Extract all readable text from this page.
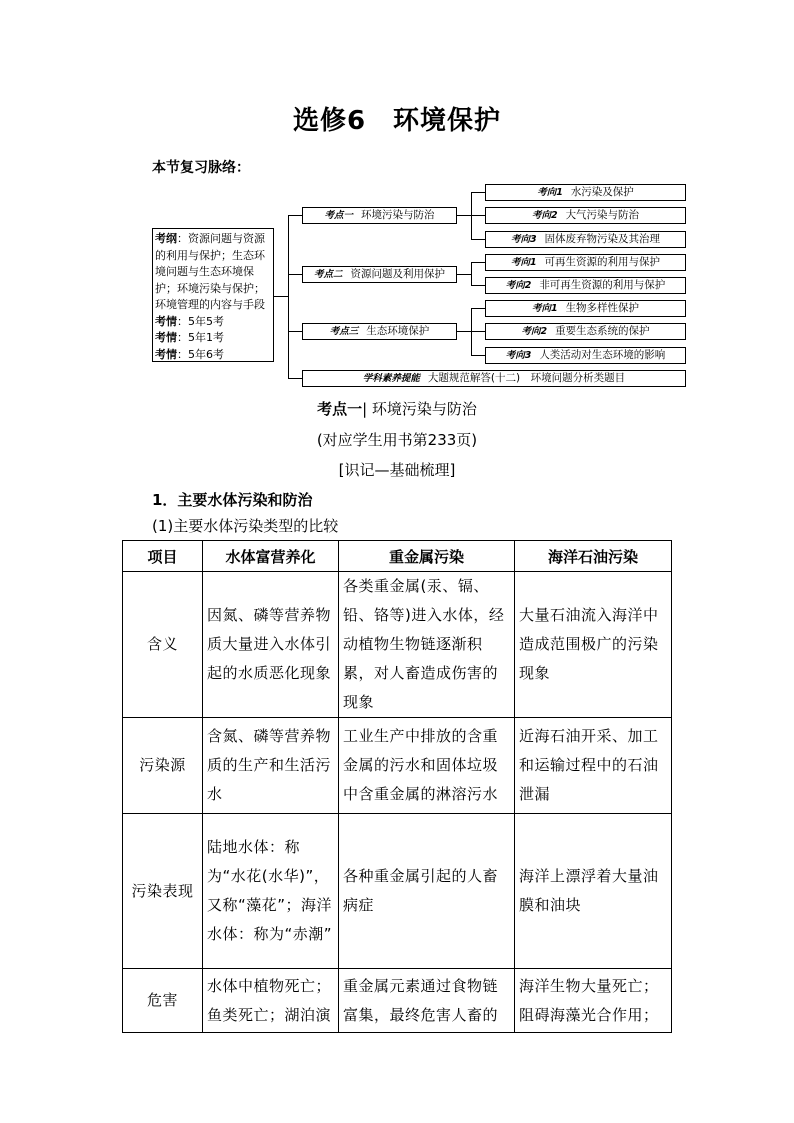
选修6　环境保护
本节复习脉络：
考纲：资源问题与资源的利用与保护；生态环境问题与生态环境保护；环境污染与保护；环境管理的内容与手段
考情：5年5考
考情：5年1考
考情：5年6考
考点一 环境污染与防治
考点二 资源问题及利用保护
考点三 生态环境保护
考向1 水污染及保护
考向2 大气污染与防治
考向3 固体废弃物污染及其治理
考向1 可再生资源的利用与保护
考向2 非可再生资源的利用与保护
考向1 生物多样性保护
考向2 重要生态系统的保护
考向3 人类活动对生态环境的影响
学科素养提能 大题规范解答(十二)　环境问题分析类题目
考点一| 环境污染与防治
(对应学生用书第233页)
[识记—基础梳理]
1．主要水体污染和防治
(1)主要水体污染类型的比较
项目	水体富营养化	重金属污染	海洋石油污染
含义	因氮、磷等营养物质大量进入水体引起的水质恶化现象	各类重金属(汞、镉、铅、铬等)进入水体，经动植物生物链逐渐积累，对人畜造成伤害的现象	大量石油流入海洋中造成范围极广的污染现象
污染源	含氮、磷等营养物质的生产和生活污水	工业生产中排放的含重金属的污水和固体垃圾中含重金属的淋溶污水	近海石油开采、加工和运输过程中的石油泄漏
污染表现	陆地水体：称为“水花(水华)”，又称“藻花”；海洋水体：称为“赤潮”	各种重金属引起的人畜病症	海洋上漂浮着大量油膜和油块
危害	水体中植物死亡；鱼类死亡；湖泊演	重金属元素通过食物链富集，最终危害人畜的	海洋生物大量死亡；阻碍海藻光合作用；
